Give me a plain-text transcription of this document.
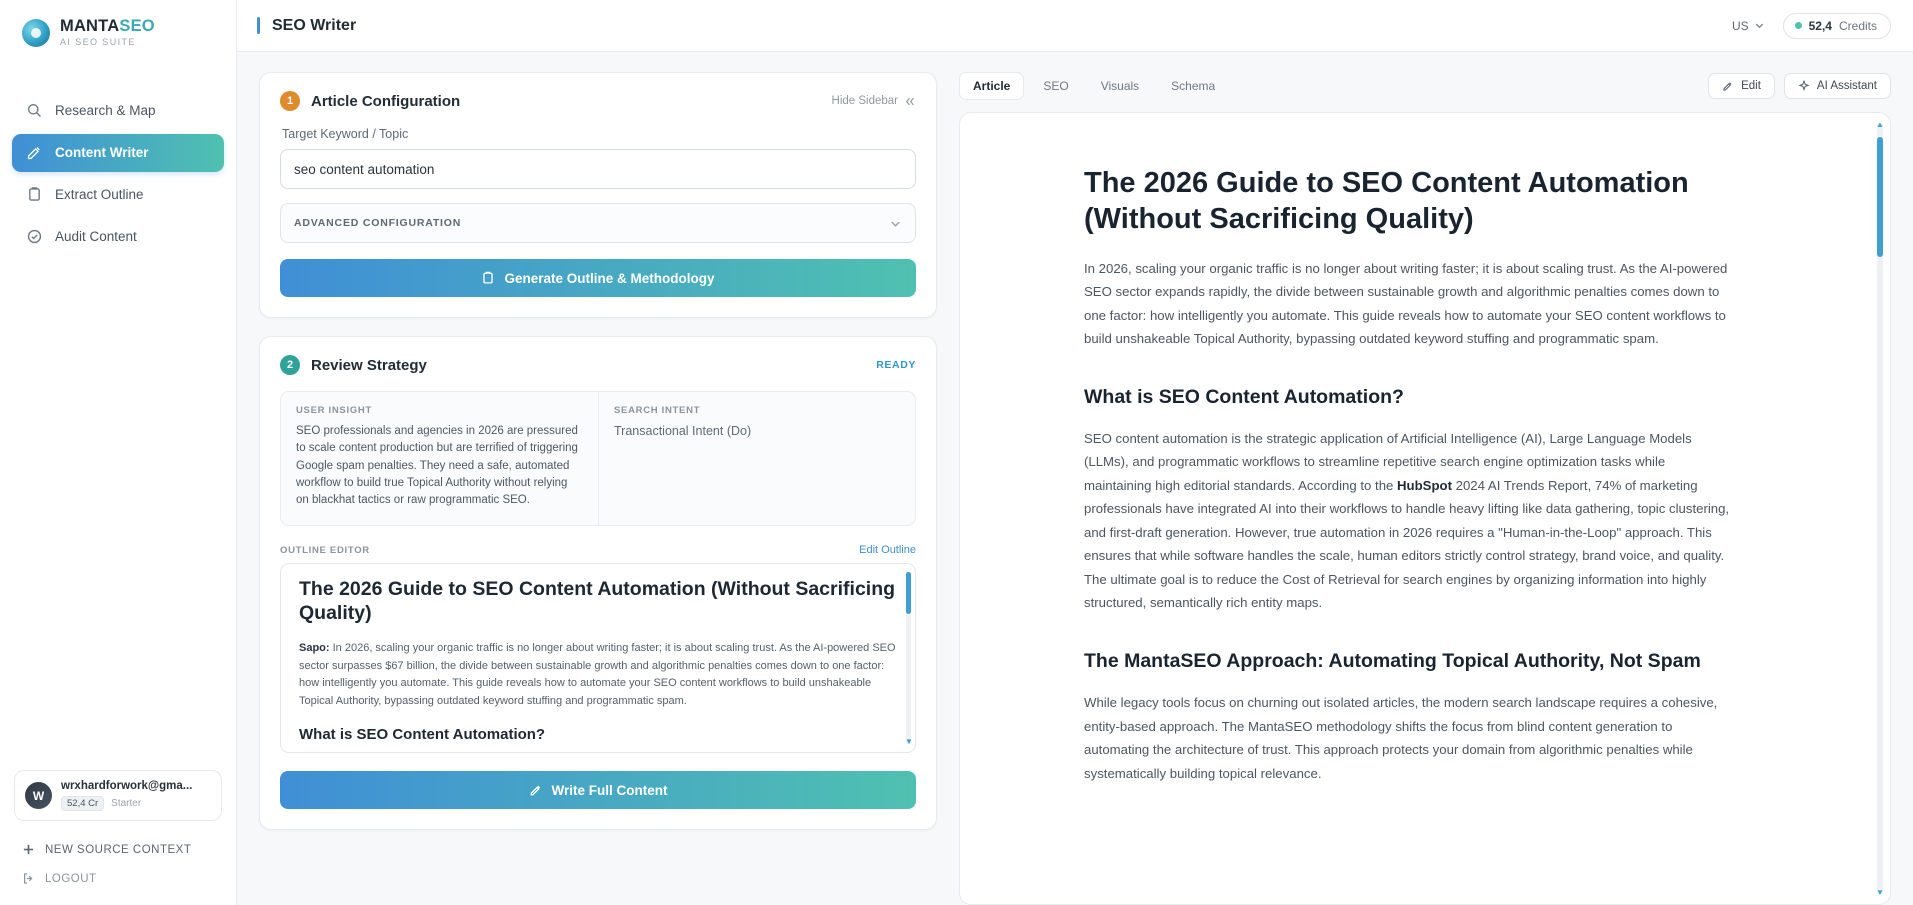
MANTASEO
AI SEO SUITE
Research & Map
Content Writer
Extract Outline
Audit Content
W
wrxhardforwork@gma...
52,4 Cr	Starter
NEW SOURCE CONTEXT
LOGOUT
SEO Writer	US	52,4 Credits
1	Article Configuration	Hide Sidebar
Target Keyword / Topic
seo content automation
ADVANCED CONFIGURATION
Generate Outline & Methodology
2	Review Strategy	READY
USER INSIGHT
SEO professionals and agencies in 2026 are pressured to scale content production but are terrified of triggering Google spam penalties. They need a safe, automated workflow to build true Topical Authority without relying on blackhat tactics or raw programmatic SEO.
SEARCH INTENT
Transactional Intent (Do)
OUTLINE EDITOR	Edit Outline
The 2026 Guide to SEO Content Automation (Without Sacrificing Quality)
Sapo: In 2026, scaling your organic traffic is no longer about writing faster; it is about scaling trust. As the AI-powered SEO sector surpasses $67 billion, the divide between sustainable growth and algorithmic penalties comes down to one factor: how intelligently you automate. This guide reveals how to automate your SEO content workflows to build unshakeable Topical Authority, bypassing outdated keyword stuffing and programmatic spam.
What is SEO Content Automation?	▼
Write Full Content
Article	SEO	Visuals	Schema	Edit	AI Assistant
The 2026 Guide to SEO Content Automation (Without Sacrificing Quality)

In 2026, scaling your organic traffic is no longer about writing faster; it is about scaling trust. As the AI-powered SEO sector expands rapidly, the divide between sustainable growth and algorithmic penalties comes down to one factor: how intelligently you automate. This guide reveals how to automate your SEO content workflows to build unshakeable Topical Authority, bypassing outdated keyword stuffing and programmatic spam.

What is SEO Content Automation?

SEO content automation is the strategic application of Artificial Intelligence (AI), Large Language Models (LLMs), and programmatic workflows to streamline repetitive search engine optimization tasks while maintaining high editorial standards. According to the HubSpot 2024 AI Trends Report, 74% of marketing professionals have integrated AI into their workflows to handle heavy lifting like data gathering, topic clustering, and first-draft generation. However, true automation in 2026 requires a "Human-in-the-Loop" approach. This ensures that while software handles the scale, human editors strictly control strategy, brand voice, and quality. The ultimate goal is to reduce the Cost of Retrieval for search engines by organizing information into highly structured, semantically rich entity maps.

The MantaSEO Approach: Automating Topical Authority, Not Spam

While legacy tools focus on churning out isolated articles, the modern search landscape requires a cohesive, entity-based approach. The MantaSEO methodology shifts the focus from blind content generation to automating the architecture of trust. This approach protects your domain from algorithmic penalties while systematically building topical relevance.

▲
▼
